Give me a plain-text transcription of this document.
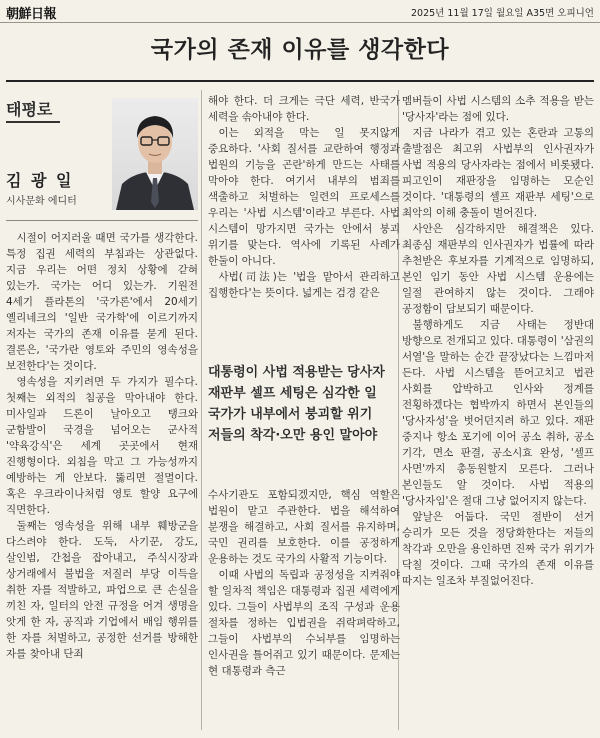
朝鮮日報	2025년 11월 17일 월요일 A35면 오피니언
국가의 존재 이유를 생각한다
태평로
김 광 일
시사문화 에디터

시절이 어지러울 때면 국가를 생각한다. 특정 집권 세력의 부침과는 상관없다. 지금 우리는 어떤 정치 상황에 갇혀 있는가. 국가는 어디 있는가. 기원전 4세기 플라톤의 '국가론'에서 20세기 옐리네크의 '일반 국가학'에 이르기까지 저자는 국가의 존재 이유를 묻게 된다. 결론은, '국가란 영토와 주민의 영속성을 보전한다'는 것이다.

영속성을 지키려면 두 가지가 필수다. 첫째는 외적의 침공을 막아내야 한다. 미사일과 드론이 날아오고 탱크와 군함발이 국경을 넘어오는 군사적 '약육강식'은 세계 곳곳에서 현재 진행형이다. 외침을 막고 그 가능성까지 예방하는 게 안보다. 뚫리면 절멸이다. 혹은 우크라이나처럼 영토 할양 요구에 직면한다.

둘째는 영속성을 위해 내부 훼방군을 다스려야 한다. 도둑, 사기꾼, 강도, 살인범, 간첩을 잡아내고, 주식시장과 상거래에서 불법을 저질러 부당 이득을 취한 자를 적발하고, 파업으로 큰 손실을 끼친 자, 일터의 안전 규정을 어겨 생명을 앗게 한 자, 공직과 기업에서 배임 행위를 한 자를 처벌하고, 공정한 선거를 방해한 자를 찾아내 단죄

해야 한다. 더 크게는 극단 세력, 반국가 세력을 솎아내야 한다.

이는 외적을 막는 일 못지않게 중요하다. '사회 질서를 교란하여 행정과 법원의 기능을 곤란'하게 만드는 사태를 막아야 한다. 여기서 내부의 범죄를 색출하고 처벌하는 일련의 프로세스를 우리는 '사법 시스템'이라고 부른다. 사법 시스템이 망가지면 국가는 안에서 붕괴 위기를 맞는다. 역사에 기록된 사례가 한둘이 아니다.

사법(司法)는 '법을 맡아서 관리하고 집행한다'는 뜻이다. 넓게는 검경 같은

대통령이 사법 적용받는 당사자
재판부 셀프 세팅은 심각한 일
국가가 내부에서 붕괴할 위기
저들의 착각·오만 용인 말아야

수사기관도 포함되겠지만, 핵심 역할은 법원이 맡고 주관한다. 법을 해석하여 분쟁을 해결하고, 사회 질서를 유지하며, 국민 권리를 보호한다. 이를 공정하게 운용하는 것도 국가의 사활적 기능이다.

이때 사법의 독립과 공정성을 지켜줘야 할 일차적 책임은 대통령과 집권 세력에게 있다. 그들이 사법부의 조직 구성과 운용 절차를 정하는 입법권을 쥐락펴락하고, 그들이 사법부의 수뇌부를 임명하는 인사권을 틀어쥐고 있기 때문이다. 문제는 현 대통령과 측근

멤버들이 사법 시스템의 소추 적용을 받는 '당사자'라는 점에 있다.

지금 나라가 겪고 있는 혼란과 고통의 출발점은 최고위 사법부의 인사권자가 사법 적용의 당사자라는 점에서 비롯됐다. 피고인이 재판장을 임명하는 모순인 것이다. '대통령의 셀프 재판부 세팅'으로 최악의 이해 충돌이 벌어진다.

사안은 심각하지만 해결책은 있다. 최종심 재판부의 인사권자가 법률에 따라 추천받은 후보자를 기계적으로 임명하되, 본인 임기 동안 사법 시스템 운용에는 일절 관여하지 않는 것이다. 그래야 공정함이 담보되기 때문이다.

불행하게도 지금 사태는 정반대 방향으로 전개되고 있다. 대통령이 '삼권의 서열'을 말하는 순간 끝장났다는 느낌마저 든다. 사법 시스템을 뜯어고치고 법관 사회를 압박하고 인사와 정계를 전횡하겠다는 협박까지 하면서 본인들의 '당사자성'을 벗어던지려 하고 있다. 재판 중지나 항소 포기에 이어 공소 취하, 공소 기각, 면소 판결, 공소시효 완성, '셀프 사면'까지 총동원할지 모른다. 그러나 본인들도 알 것이다. 사법 적용의 '당사자임'은 절대 그냥 없어지지 않는다.

앞날은 어둡다. 국민 절반이 선거 승리가 모든 것을 정당화한다는 저들의 착각과 오만을 용인하면 진짜 국가 위기가 닥칠 것이다. 그때 국가의 존재 이유를 따지는 일조차 부질없어진다.
